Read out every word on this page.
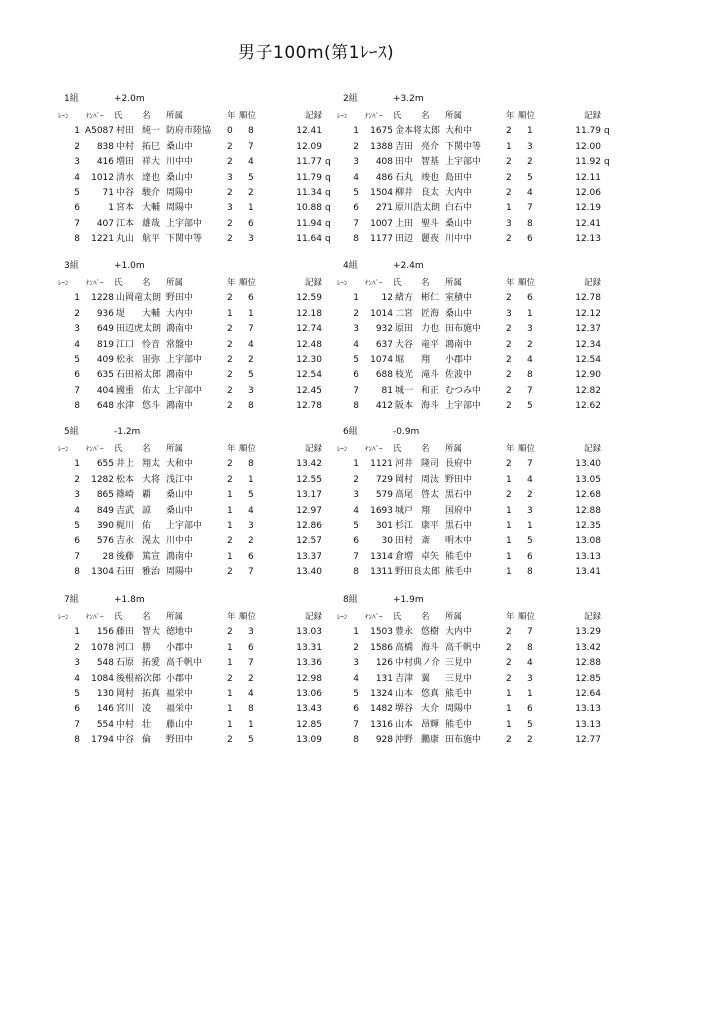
男子100m(第1ﾚｰｽ)
1組	+2.0m
ﾚｰﾝ	ﾅﾝﾊﾞｰ 氏 名 所属	年 順位	記録
1 A5087 村田 純一 防府市陸協 0 8	12.41
2	838 中村 拓巳 桑山中	2 7	12.09
3	416 増田 祥大 川中中	2 4	11.77 q
4	1012 清水 達也 桑山中	3 5	11.79 q
5	71 中谷 駿介 周陽中	2 2	11.34 q
6	1 宮本 大輔 周陽中	3 1	10.88 q
7	407 江本 雄哉 上宇部中	2 6	11.94 q
8	1221 丸山 航平 下関中等	2 3	11.64 q
2組	+3.2m
ﾚｰﾝ	ﾅﾝﾊﾞｰ 氏 名 所属	年 順位	記録
1	1675 金本将太郎 大和中	2 1	11.79 q
2	1388 吉田 亮介 下関中等	1 3	12.00
3	408 田中 智基 上宇部中	2 2	11.92 q
4	486 石丸 竣也 島田中	2 5	12.11
5	1504 柳井 良太 大内中	2 4	12.06
6	271 原川浩太朗 白石中	1 7	12.19
7	1007 上田 聖斗 桑山中	3 8	12.41
8	1177 田辺 麗夜 川中中	2 6	12.13
3組	+1.0m
ﾚｰﾝ	ﾅﾝﾊﾞｰ 氏 名 所属	年 順位	記録
1	1228 山岡竜太朗 野田中	2 6	12.59
2	936 堤 大輔 大内中	1 1	12.18
3	649 田辺虎太朗 鴻南中	2 7	12.74
4	819 江口 怜音 常盤中	2 4	12.48
5	409 松永 宙弥 上宇部中	2 2	12.30
6	635 石田裕太郎 鴻南中	2 5	12.54
7	404 國重 佑太 上宇部中	2 3	12.45
8	648 水津 悠斗 鴻南中	2 8	12.78
4組	+2.4m
ﾚｰﾝ	ﾅﾝﾊﾞｰ 氏 名 所属	年 順位	記録
1	12 緒方 彬仁 室積中	2 6	12.78
2	1014 二宮 匠海 桑山中	3 1	12.12
3	932 原田 力也 田布施中	2 3	12.37
4	637 大谷 竜平 鴻南中	2 2	12.34
5	1074 堀 翔 小郡中	2 4	12.54
6	688 枝光 滝斗 佐波中	2 8	12.90
7	81 城一 和正 むつみ中	2 7	12.82
8	412 阪本 海斗 上宇部中	2 5	12.62
5組	-1.2m
ﾚｰﾝ	ﾅﾝﾊﾞｰ 氏 名 所属	年 順位	記録
1	655 井上 翔太 大和中	2 8	13.42
2	1282 松本 大将 浅江中	2 1	12.55
3	865 篠崎 覇 桑山中	1 5	13.17
4	849 吉武 諒 桑山中	1 4	12.97
5	390 梶川 佑 上宇部中	1 3	12.86
6	576 吉永 滉太 川中中	2 2	12.57
7	28 後藤 篤宣 鴻南中	1 6	13.37
8	1304 石田 雅治 周陽中	2 7	13.40
6組	-0.9m
ﾚｰﾝ	ﾅﾝﾊﾞｰ 氏 名 所属	年 順位	記録
1	1121 河井 隆司 長府中	2 7	13.40
2	729 岡村 周汰 野田中	1 4	13.05
3	579 高尾 啓太 黒石中	2 2	12.68
4	1693 城戸 翔 国府中	1 3	12.88
5	301 杉江 康平 黒石中	1 1	12.35
6	30 田村 斎 明木中	1 5	13.08
7	1314 倉増 卓矢 熊毛中	1 6	13.13
8	1311 野田良太郎 熊毛中	1 8	13.41
7組	+1.8m
ﾚｰﾝ	ﾅﾝﾊﾞｰ 氏 名 所属	年 順位	記録
1	156 藤田 智大 徳地中	2 3	13.03
2	1078 河口 勝 小郡中	1 6	13.31
3	548 石原 拓愛 高千帆中	1 7	13.36
4	1084 後根裕次郎 小郡中	2 2	12.98
5	130 岡村 拓真 福栄中	1 4	13.06
6	146 宮川 凌 福栄中	1 8	13.43
7	554 中村 壮 藤山中	1 1	12.85
8	1794 中谷 倫 野田中	2 5	13.09
8組	+1.9m
ﾚｰﾝ	ﾅﾝﾊﾞｰ 氏 名 所属	年 順位	記録
1	1503 豊永 悠樹 大内中	2 7	13.29
2	1586 高橋 海斗 高千帆中	2 8	13.42
3	126 中村典ノ介 三見中	2 4	12.88
4	131 吉津 翼 三見中	2 3	12.85
5	1324 山本 悠真 熊毛中	1 1	12.64
6	1482 堺谷 大介 周陽中	1 6	13.13
7	1316 山本 昂輝 熊毛中	1 5	13.13
8	928 沖野 鵬康 田布施中	2 2	12.77
